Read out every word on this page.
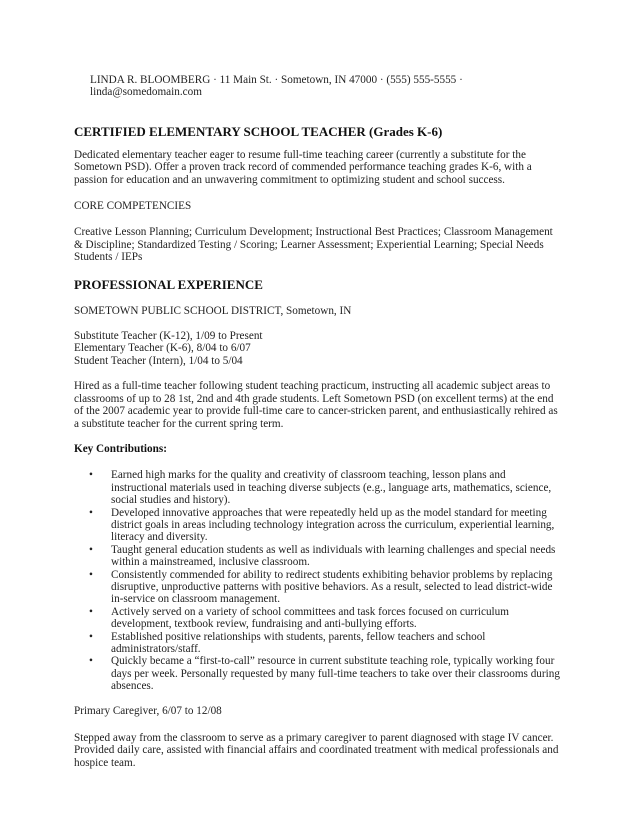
LINDA R. BLOOMBERG · 11 Main St. · Sometown, IN 47000 · (555) 555-5555 · linda@somedomain.com
CERTIFIED ELEMENTARY SCHOOL TEACHER (Grades K-6)
Dedicated elementary teacher eager to resume full-time teaching career (currently a substitute for the Sometown PSD). Offer a proven track record of commended performance teaching grades K-6, with a passion for education and an unwavering commitment to optimizing student and school success.
CORE COMPETENCIES
Creative Lesson Planning; Curriculum Development; Instructional Best Practices; Classroom Management & Discipline; Standardized Testing / Scoring; Learner Assessment; Experiential Learning; Special Needs Students / IEPs
PROFESSIONAL EXPERIENCE
SOMETOWN PUBLIC SCHOOL DISTRICT, Sometown, IN
Substitute Teacher (K-12), 1/09 to Present
Elementary Teacher (K-6), 8/04 to 6/07
Student Teacher (Intern), 1/04 to 5/04
Hired as a full-time teacher following student teaching practicum, instructing all academic subject areas to classrooms of up to 28 1st, 2nd and 4th grade students. Left Sometown PSD (on excellent terms) at the end of the 2007 academic year to provide full-time care to cancer-stricken parent, and enthusiastically rehired as a substitute teacher for the current spring term.
Key Contributions:
• Earned high marks for the quality and creativity of classroom teaching, lesson plans and instructional materials used in teaching diverse subjects (e.g., language arts, mathematics, science, social studies and history).
• Developed innovative approaches that were repeatedly held up as the model standard for meeting district goals in areas including technology integration across the curriculum, experiential learning, literacy and diversity.
• Taught general education students as well as individuals with learning challenges and special needs within a mainstreamed, inclusive classroom.
• Consistently commended for ability to redirect students exhibiting behavior problems by replacing disruptive, unproductive patterns with positive behaviors. As a result, selected to lead district-wide in-service on classroom management.
• Actively served on a variety of school committees and task forces focused on curriculum development, textbook review, fundraising and anti-bullying efforts.
• Established positive relationships with students, parents, fellow teachers and school administrators/staff.
• Quickly became a “first-to-call” resource in current substitute teaching role, typically working four days per week. Personally requested by many full-time teachers to take over their classrooms during absences.
Primary Caregiver, 6/07 to 12/08
Stepped away from the classroom to serve as a primary caregiver to parent diagnosed with stage IV cancer. Provided daily care, assisted with financial affairs and coordinated treatment with medical professionals and hospice team.
